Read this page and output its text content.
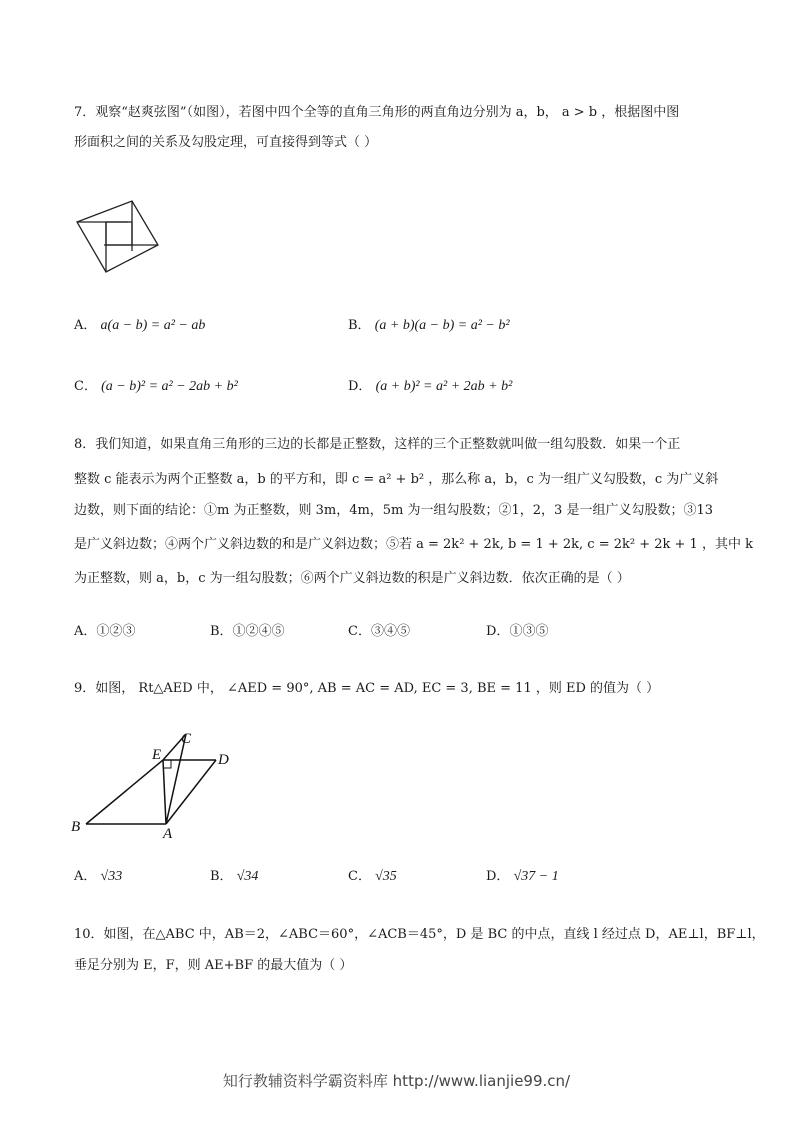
7．观察“赵爽弦图”（如图），若图中四个全等的直角三角形的两直角边分别为 a，b， a > b ，根据图中图
形面积之间的关系及勾股定理，可直接得到等式（ ）
A． a(a − b) = a² − ab	B． (a + b)(a − b) = a² − b²
C． (a − b)² = a² − 2ab + b²	D． (a + b)² = a² + 2ab + b²
8．我们知道，如果直角三角形的三边的长都是正整数，这样的三个正整数就叫做一组勾股数．如果一个正
整数 c 能表示为两个正整数 a，b 的平方和，即 c = a² + b² ，那么称 a，b，c 为一组广义勾股数，c 为广义斜
边数，则下面的结论：①m 为正整数，则 3m，4m，5m 为一组勾股数；②1，2，3 是一组广义勾股数；③13
是广义斜边数；④两个广义斜边数的和是广义斜边数；⑤若 a = 2k² + 2k, b = 1 + 2k, c = 2k² + 2k + 1 ，其中 k
为正整数，则 a，b，c 为一组勾股数；⑥两个广义斜边数的积是广义斜边数．依次正确的是（ ）
A．①②③	B．①②④⑤	C．③④⑤	D．①③⑤
9．如图， Rt△AED 中， ∠AED = 90°, AB = AC = AD, EC = 3, BE = 11 ，则 ED 的值为（ ）
B	A
E
C
D
A． √33	B． √34	C． √35	D． √37 − 1
10．如图，在△ABC 中，AB＝2，∠ABC＝60°，∠ACB＝45°，D 是 BC 的中点，直线 l 经过点 D，AE⊥l，BF⊥l，
垂足分别为 E，F，则 AE+BF 的最大值为（ ）
知行教辅资料学霸资料库 http://www.lianjie99.cn/
